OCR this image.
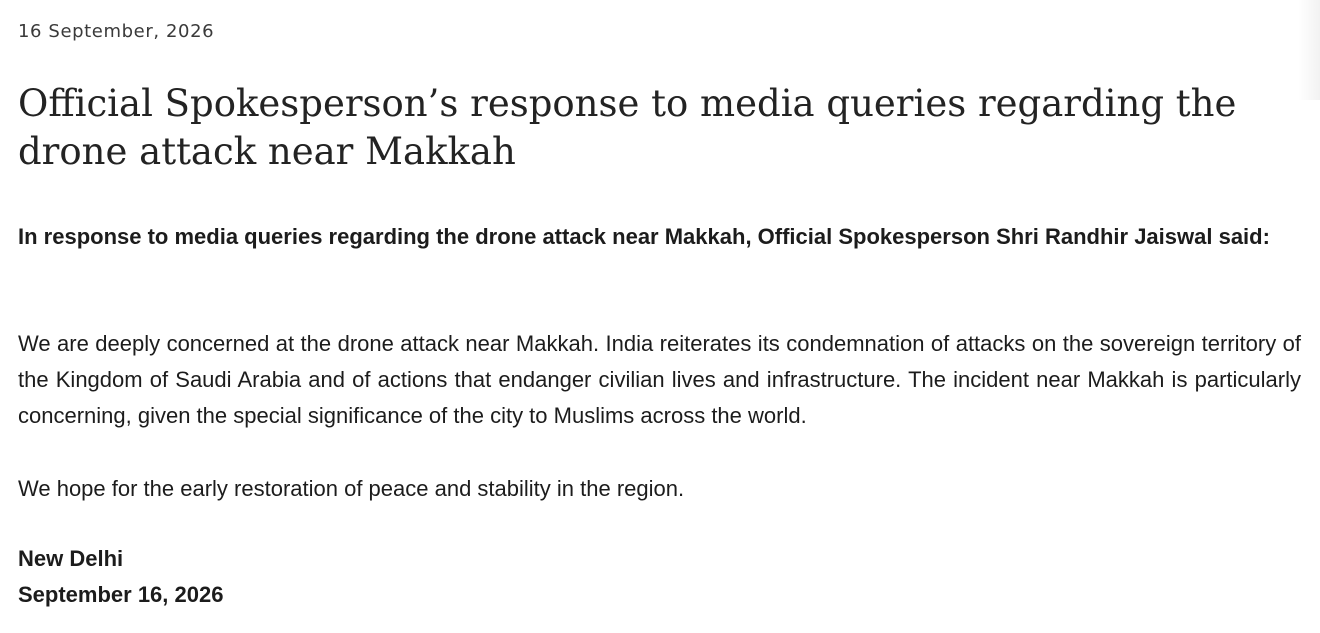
16 September, 2026

Official Spokesperson’s response to media queries regarding the drone attack near Makkah

In response to media queries regarding the drone attack near Makkah, Official Spokesperson Shri Randhir Jaiswal said:

We are deeply concerned at the drone attack near Makkah. India reiterates its condemnation of attacks on the sovereign territory of the Kingdom of Saudi Arabia and of actions that endanger civilian lives and infrastructure. The incident near Makkah is particularly concerning, given the special significance of the city to Muslims across the world.

We hope for the early restoration of peace and stability in the region.

New Delhi
September 16, 2026
